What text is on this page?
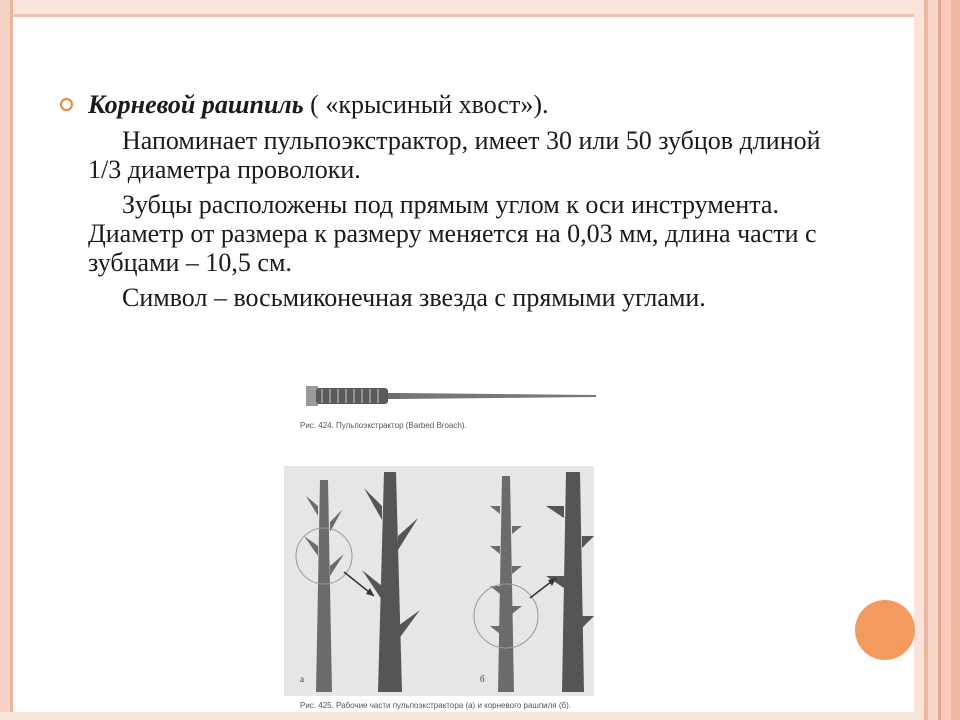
Корневой рашпиль ( «крысиный хвост»).
Напоминает пульпоэкстрактор, имеет 30 или 50 зубцов длиной 1/3 диаметра проволоки.
Зубцы расположены под прямым углом к оси инструмента. Диаметр от размера к размеру меняется на 0,03 мм, длина части с зубцами – 10,5 см.
Символ – восьмиконечная звезда с прямыми углами.
Рис. 424. Пульпоэкстрактор (Barbed Broach).
а	б
Рис. 425. Рабочие части пульпоэкстрактора (а) и корневого рашпиля (б).
